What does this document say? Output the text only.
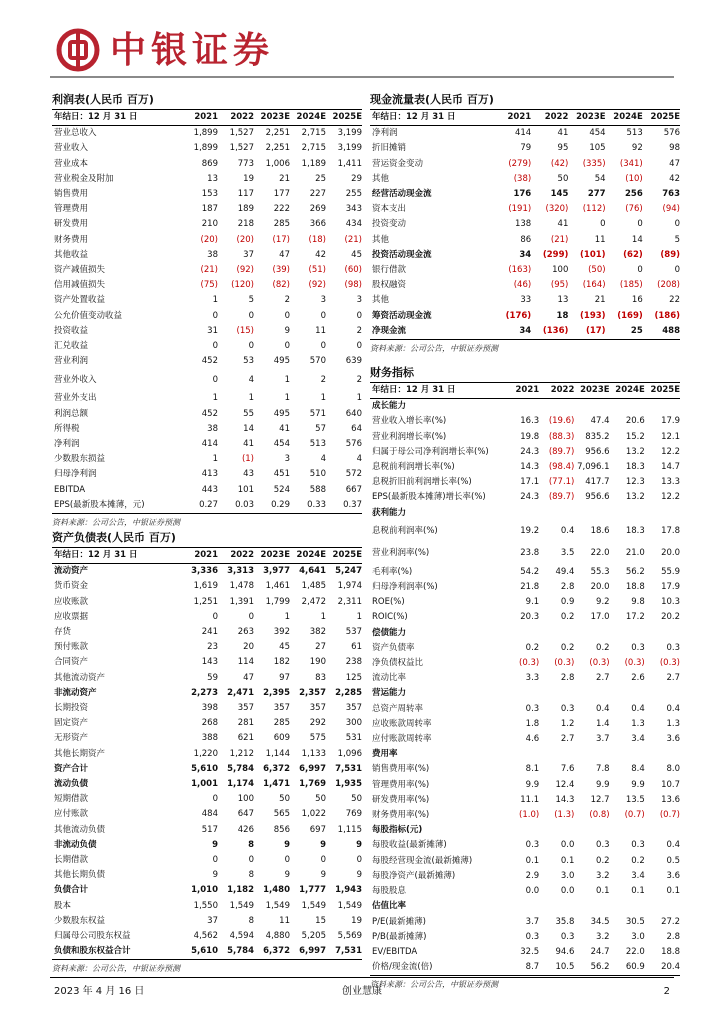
中银证券
利润表(人民币 百万)
年结日：12 月 31 日	2021	2022	2023E	2024E	2025E
营业总收入	1,899	1,527	2,251	2,715	3,199
营业收入	1,899	1,527	2,251	2,715	3,199
营业成本	869	773	1,006	1,189	1,411
营业税金及附加	13	19	21	25	29
销售费用	153	117	177	227	255
管理费用	187	189	222	269	343
研发费用	210	218	285	366	434
财务费用	(20)	(20)	(17)	(18)	(21)
其他收益	38	37	47	42	45
资产减值损失	(21)	(92)	(39)	(51)	(60)
信用减值损失	(75)	(120)	(82)	(92)	(98)
资产处置收益	1	5	2	3	3
公允价值变动收益	0	0	0	0	0
投资收益	31	(15)	9	11	2
汇兑收益	0	0	0	0	0
营业利润	452	53	495	570	639
营业外收入	0	4	1	2	2
营业外支出	1	1	1	1	1
利润总额	452	55	495	571	640
所得税	38	14	41	57	64
净利润	414	41	454	513	576
少数股东损益	1	(1)	3	4	4
归母净利润	413	43	451	510	572
EBITDA	443	101	524	588	667
EPS(最新股本摊薄，元)	0.27	0.03	0.29	0.33	0.37
资料来源：公司公告，中银证券预测
资产负债表(人民币 百万)
年结日：12 月 31 日	2021	2022	2023E	2024E	2025E
流动资产	3,336	3,313	3,977	4,641	5,247
货币资金	1,619	1,478	1,461	1,485	1,974
应收账款	1,251	1,391	1,799	2,472	2,311
应收票据	0	0	1	1	1
存货	241	263	392	382	537
预付账款	23	20	45	27	61
合同资产	143	114	182	190	238
其他流动资产	59	47	97	83	125
非流动资产	2,273	2,471	2,395	2,357	2,285
长期投资	398	357	357	357	357
固定资产	268	281	285	292	300
无形资产	388	621	609	575	531
其他长期资产	1,220	1,212	1,144	1,133	1,096
资产合计	5,610	5,784	6,372	6,997	7,531
流动负债	1,001	1,174	1,471	1,769	1,935
短期借款	0	100	50	50	50
应付账款	484	647	565	1,022	769
其他流动负债	517	426	856	697	1,115
非流动负债	9	8	9	9	9
长期借款	0	0	0	0	0
其他长期负债	9	8	9	9	9
负债合计	1,010	1,182	1,480	1,777	1,943
股本	1,550	1,549	1,549	1,549	1,549
少数股东权益	37	8	11	15	19
归属母公司股东权益	4,562	4,594	4,880	5,205	5,569
负债和股东权益合计	5,610	5,784	6,372	6,997	7,531
资料来源：公司公告，中银证券预测
现金流量表(人民币 百万)
年结日：12 月 31 日	2021	2022	2023E	2024E	2025E
净利润	414	41	454	513	576
折旧摊销	79	95	105	92	98
营运资金变动	(279)	(42)	(335)	(341)	47
其他	(38)	50	54	(10)	42
经营活动现金流	176	145	277	256	763
资本支出	(191)	(320)	(112)	(76)	(94)
投资变动	138	41	0	0	0
其他	86	(21)	11	14	5
投资活动现金流	34	(299)	(101)	(62)	(89)
银行借款	(163)	100	(50)	0	0
股权融资	(46)	(95)	(164)	(185)	(208)
其他	33	13	21	16	22
筹资活动现金流	(176)	18	(193)	(169)	(186)
净现金流	34	(136)	(17)	25	488
资料来源：公司公告，中银证券预测
财务指标
年结日：12 月 31 日	2021	2022	2023E	2024E	2025E
成长能力					
营业收入增长率(%)	16.3	(19.6)	47.4	20.6	17.9
营业利润增长率(%)	19.8	(88.3)	835.2	15.2	12.1
归属于母公司净利润增长率(%)	24.3	(89.7)	956.6	13.2	12.2
息税前利润增长率(%)	14.3	(98.4)	7,096.1	18.3	14.7
息税折旧前利润增长率(%)	17.1	(77.1)	417.7	12.3	13.3
EPS(最新股本摊薄)增长率(%)	24.3	(89.7)	956.6	13.2	12.2
获利能力					
息税前利润率(%)	19.2	0.4	18.6	18.3	17.8
营业利润率(%)	23.8	3.5	22.0	21.0	20.0
毛利率(%)	54.2	49.4	55.3	56.2	55.9
归母净利润率(%)	21.8	2.8	20.0	18.8	17.9
ROE(%)	9.1	0.9	9.2	9.8	10.3
ROIC(%)	20.3	0.2	17.0	17.2	20.2
偿债能力					
资产负债率	0.2	0.2	0.2	0.3	0.3
净负债权益比	(0.3)	(0.3)	(0.3)	(0.3)	(0.3)
流动比率	3.3	2.8	2.7	2.6	2.7
营运能力					
总资产周转率	0.3	0.3	0.4	0.4	0.4
应收账款周转率	1.8	1.2	1.4	1.3	1.3
应付账款周转率	4.6	2.7	3.7	3.4	3.6
费用率					
销售费用率(%)	8.1	7.6	7.8	8.4	8.0
管理费用率(%)	9.9	12.4	9.9	9.9	10.7
研发费用率(%)	11.1	14.3	12.7	13.5	13.6
财务费用率(%)	(1.0)	(1.3)	(0.8)	(0.7)	(0.7)
每股指标(元)					
每股收益(最新摊薄)	0.3	0.0	0.3	0.3	0.4
每股经营现金流(最新摊薄)	0.1	0.1	0.2	0.2	0.5
每股净资产(最新摊薄)	2.9	3.0	3.2	3.4	3.6
每股股息	0.0	0.0	0.1	0.1	0.1
估值比率					
P/E(最新摊薄)	3.7	35.8	34.5	30.5	27.2
P/B(最新摊薄)	0.3	0.3	3.2	3.0	2.8
EV/EBITDA	32.5	94.6	24.7	22.0	18.8
价格/现金流(倍)	8.7	10.5	56.2	60.9	20.4
资料来源：公司公告，中银证券预测
2023 年 4 月 16 日	创业慧康	2
